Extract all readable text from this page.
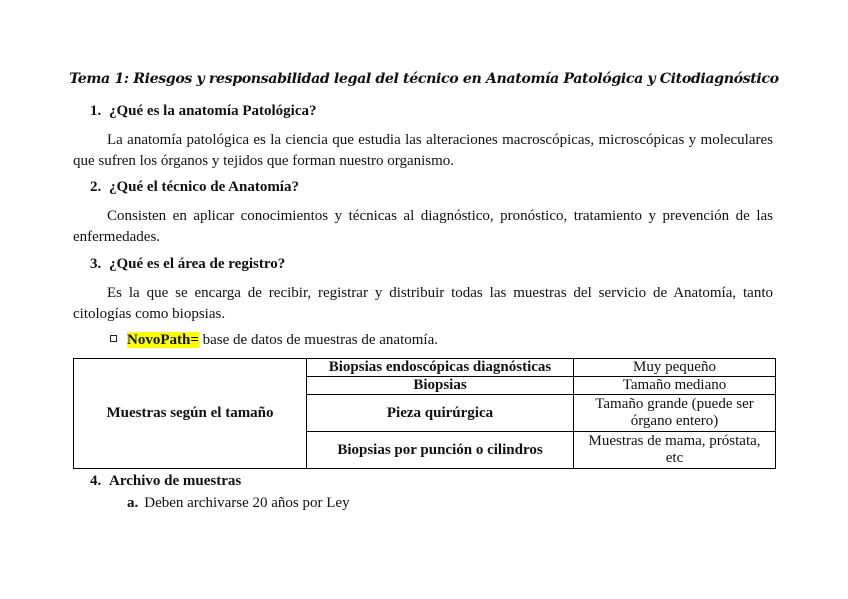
Tema 1: Riesgos y responsabilidad legal del técnico en Anatomía Patológica y Citodiagnóstico
1. ¿Qué es la anatomía Patológica?
La anatomía patológica es la ciencia que estudia las alteraciones macroscópicas, microscópicas y moleculares que sufren los órganos y tejidos que forman nuestro organismo.
2. ¿Qué el técnico de Anatomía?
Consisten en aplicar conocimientos y técnicas al diagnóstico, pronóstico, tratamiento y prevención de las enfermedades.
3. ¿Qué es el área de registro?
Es la que se encarga de recibir, registrar y distribuir todas las muestras del servicio de Anatomía, tanto citologías como biopsias.
NovoPath= base de datos de muestras de anatomía.
Muestras según el tamaño	Biopsias endoscópicas diagnósticas	Muy pequeño
	Biopsias	Tamaño mediano
	Pieza quirúrgica	Tamaño grande (puede ser órgano entero)
	Biopsias por punción o cilindros	Muestras de mama, próstata, etc
4. Archivo de muestras
a. Deben archivarse 20 años por Ley
